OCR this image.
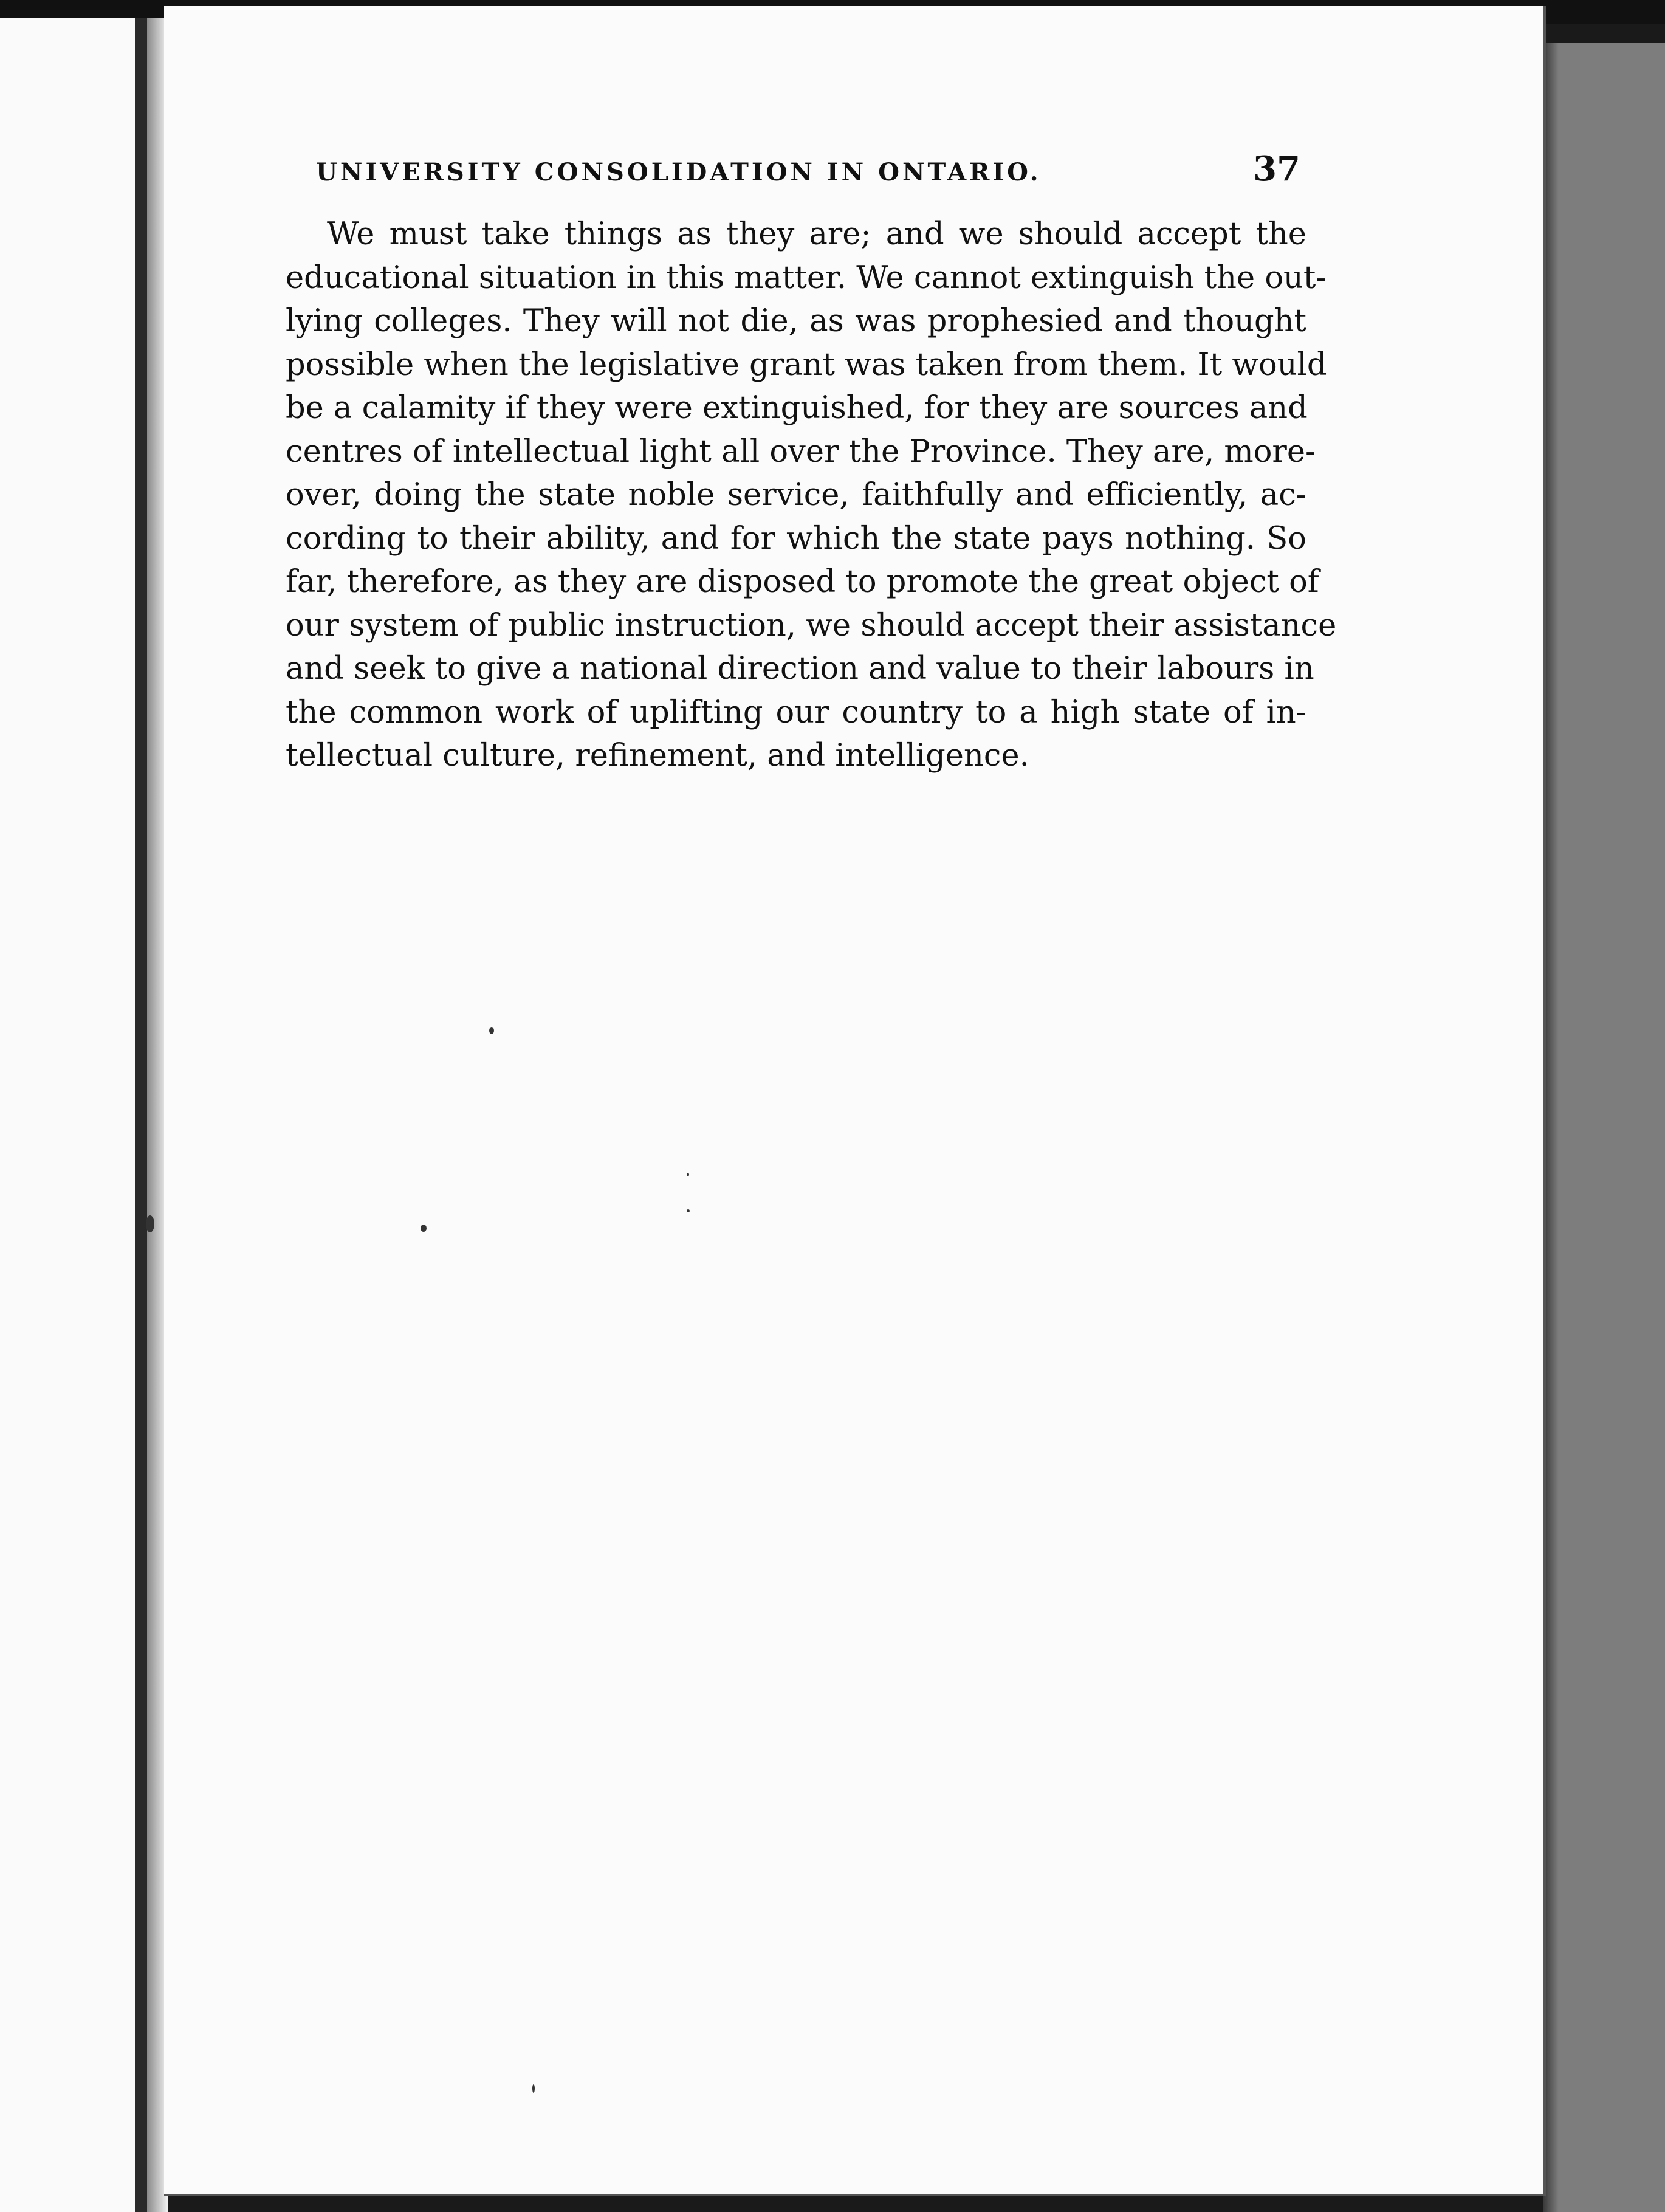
UNIVERSITY CONSOLIDATION IN ONTARIO.	37
We must take things as they are; and we should accept the
educational situation in this matter. We cannot extinguish the out-
lying colleges. They will not die, as was prophesied and thought
possible when the legislative grant was taken from them. It would
be a calamity if they were extinguished, for they are sources and
centres of intellectual light all over the Province. They are, more-
over, doing the state noble service, faithfully and efficiently, ac-
cording to their ability, and for which the state pays nothing. So
far, therefore, as they are disposed to promote the great object of
our system of public instruction, we should accept their assistance
and seek to give a national direction and value to their labours in
the common work of uplifting our country to a high state of in-
tellectual culture, refinement, and intelligence.
